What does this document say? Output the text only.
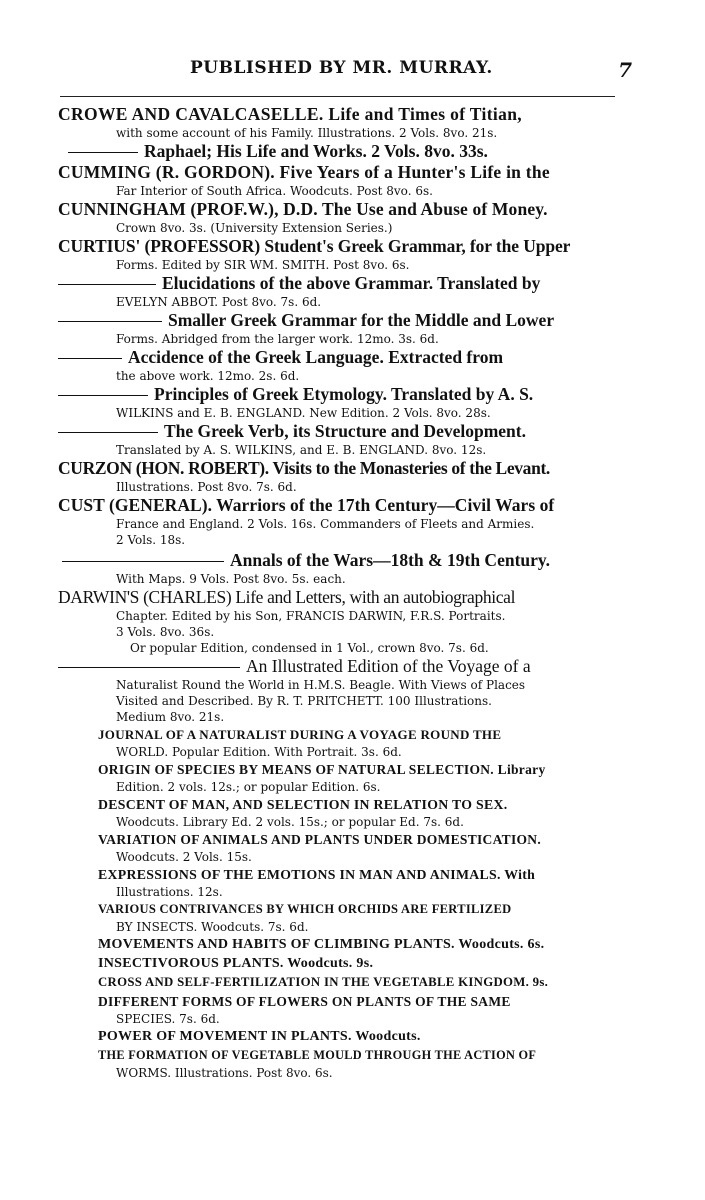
PUBLISHED BY MR. MURRAY.	7
CROWE AND CAVALCASELLE. Life and Times of Titian,
with some account of his Family. Illustrations. 2 Vols. 8vo. 21s.
Raphael; His Life and Works. 2 Vols. 8vo. 33s.
CUMMING (R. GORDON). Five Years of a Hunter's Life in the
Far Interior of South Africa. Woodcuts. Post 8vo. 6s.
CUNNINGHAM (PROF.W.), D.D. The Use and Abuse of Money.
Crown 8vo. 3s. (University Extension Series.)
CURTIUS' (PROFESSOR) Student's Greek Grammar, for the Upper
Forms. Edited by SIR WM. SMITH. Post 8vo. 6s.
Elucidations of the above Grammar. Translated by
EVELYN ABBOT. Post 8vo. 7s. 6d.
Smaller Greek Grammar for the Middle and Lower
Forms. Abridged from the larger work. 12mo. 3s. 6d.
Accidence of the Greek Language. Extracted from
the above work. 12mo. 2s. 6d.
Principles of Greek Etymology. Translated by A. S.
WILKINS and E. B. ENGLAND. New Edition. 2 Vols. 8vo. 28s.
The Greek Verb, its Structure and Development.
Translated by A. S. WILKINS, and E. B. ENGLAND. 8vo. 12s.
CURZON (HON. ROBERT). Visits to the Monasteries of the Levant.
Illustrations. Post 8vo. 7s. 6d.
CUST (GENERAL). Warriors of the 17th Century—Civil Wars of
France and England. 2 Vols. 16s. Commanders of Fleets and Armies.
2 Vols. 18s.
Annals of the Wars—18th & 19th Century.
With Maps. 9 Vols. Post 8vo. 5s. each.
DARWIN'S (CHARLES) Life and Letters, with an autobiographical
Chapter. Edited by his Son, FRANCIS DARWIN, F.R.S. Portraits.
3 Vols. 8vo. 36s.
Or popular Edition, condensed in 1 Vol., crown 8vo. 7s. 6d.
An Illustrated Edition of the Voyage of a
Naturalist Round the World in H.M.S. Beagle. With Views of Places
Visited and Described. By R. T. PRITCHETT. 100 Illustrations.
Medium 8vo. 21s.
JOURNAL OF A NATURALIST DURING A VOYAGE ROUND THE
WORLD. Popular Edition. With Portrait. 3s. 6d.
ORIGIN OF SPECIES BY MEANS OF NATURAL SELECTION. Library
Edition. 2 vols. 12s.; or popular Edition. 6s.
DESCENT OF MAN, AND SELECTION IN RELATION TO SEX.
Woodcuts. Library Ed. 2 vols. 15s.; or popular Ed. 7s. 6d.
VARIATION OF ANIMALS AND PLANTS UNDER DOMESTICATION.
Woodcuts. 2 Vols. 15s.
EXPRESSIONS OF THE EMOTIONS IN MAN AND ANIMALS. With
Illustrations. 12s.
VARIOUS CONTRIVANCES BY WHICH ORCHIDS ARE FERTILIZED
BY INSECTS. Woodcuts. 7s. 6d.
MOVEMENTS AND HABITS OF CLIMBING PLANTS. Woodcuts. 6s.
INSECTIVOROUS PLANTS. Woodcuts. 9s.
CROSS AND SELF-FERTILIZATION IN THE VEGETABLE KINGDOM. 9s.
DIFFERENT FORMS OF FLOWERS ON PLANTS OF THE SAME
SPECIES. 7s. 6d.
POWER OF MOVEMENT IN PLANTS. Woodcuts.
THE FORMATION OF VEGETABLE MOULD THROUGH THE ACTION OF
WORMS. Illustrations. Post 8vo. 6s.
